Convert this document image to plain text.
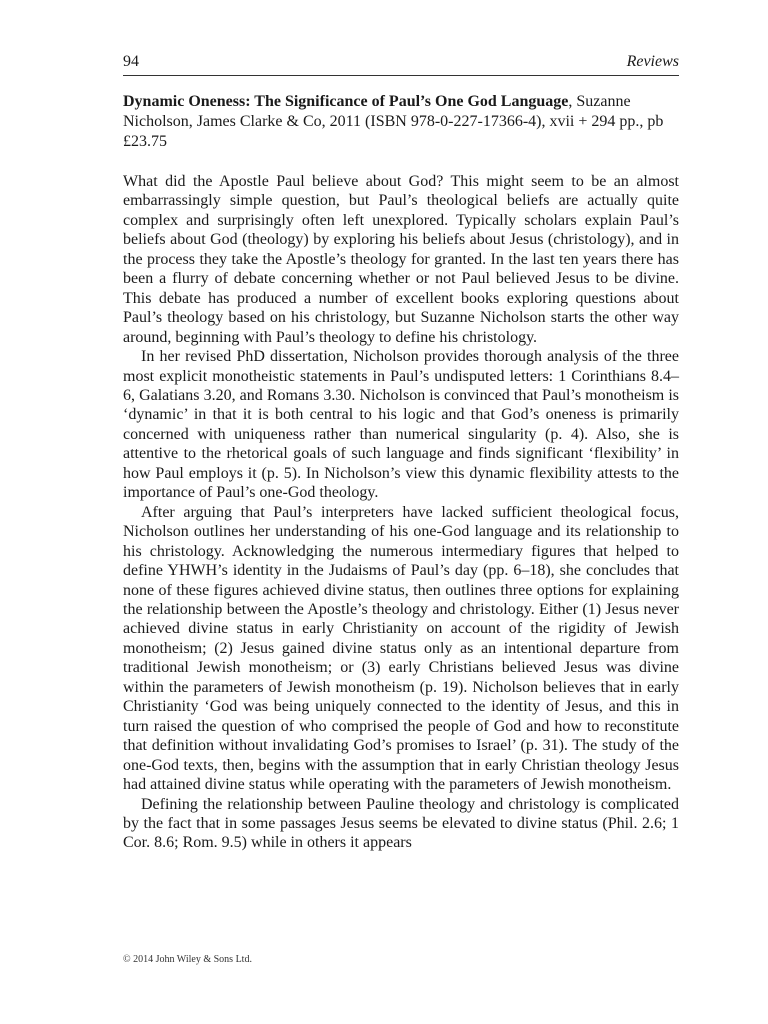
94	Reviews
Dynamic Oneness: The Significance of Paul’s One God Language, Suzanne Nicholson, James Clarke & Co, 2011 (ISBN 978-0-227-17366-4), xvii + 294 pp., pb £23.75

What did the Apostle Paul believe about God? This might seem to be an almost embarrassingly simple question, but Paul’s theological beliefs are actually quite complex and surprisingly often left unexplored. Typically scholars explain Paul’s beliefs about God (theology) by exploring his beliefs about Jesus (christology), and in the process they take the Apostle’s theology for granted. In the last ten years there has been a flurry of debate concerning whether or not Paul believed Jesus to be divine. This debate has produced a number of excellent books exploring questions about Paul’s theology based on his christology, but Suzanne Nicholson starts the other way around, beginning with Paul’s theology to define his christology.

In her revised PhD dissertation, Nicholson provides thorough analysis of the three most explicit monotheistic statements in Paul’s undisputed letters: 1 Corinthians 8.4–6, Galatians 3.20, and Romans 3.30. Nicholson is convinced that Paul’s monotheism is ‘dynamic’ in that it is both central to his logic and that God’s oneness is primarily concerned with uniqueness rather than numerical singularity (p. 4). Also, she is attentive to the rhetorical goals of such language and finds significant ‘flexibility’ in how Paul employs it (p. 5). In Nicholson’s view this dynamic flexibility attests to the importance of Paul’s one-God theology.

After arguing that Paul’s interpreters have lacked sufficient theological focus, Nicholson outlines her understanding of his one-God language and its relationship to his christology. Acknowledging the numerous intermediary figures that helped to define YHWH’s identity in the Judaisms of Paul’s day (pp. 6–18), she concludes that none of these figures achieved divine status, then outlines three options for explaining the relationship between the Apostle’s theology and christology. Either (1) Jesus never achieved divine status in early Christianity on account of the rigidity of Jewish monotheism; (2) Jesus gained divine status only as an intentional departure from traditional Jewish monotheism; or (3) early Christians believed Jesus was divine within the parameters of Jewish monotheism (p. 19). Nicholson believes that in early Christianity ‘God was being uniquely connected to the identity of Jesus, and this in turn raised the question of who comprised the people of God and how to reconstitute that definition without invalidating God’s promises to Israel’ (p. 31). The study of the one-God texts, then, begins with the assumption that in early Christian theology Jesus had attained divine status while operating with the parameters of Jewish monotheism.

Defining the relationship between Pauline theology and christology is complicated by the fact that in some passages Jesus seems be elevated to divine status (Phil. 2.6; 1 Cor. 8.6; Rom. 9.5) while in others it appears

© 2014 John Wiley & Sons Ltd.
